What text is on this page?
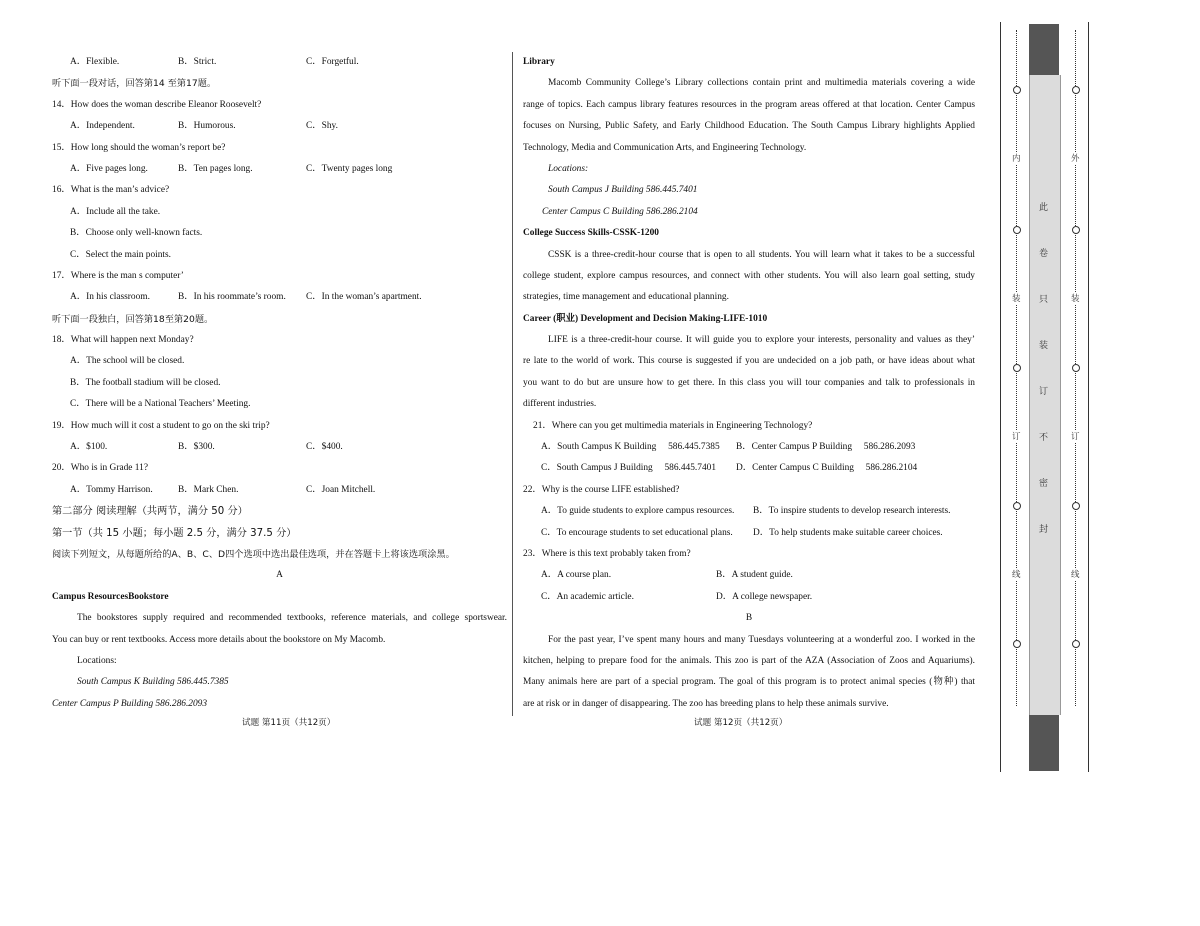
A．Flexible.	B．Strict.	C．Forgetful.
听下面一段对话，回答第14 至第17题。
14．How does the woman describe Eleanor Roosevelt?
A．Independent.	B．Humorous.	C．Shy.
15．How long should the woman’s report be?
A．Five pages long.	B．Ten pages long.	C．Twenty pages long
16．What is the man’s advice?
A．Include all the take.
B．Choose only well-known facts.
C．Select the main points.
17．Where is the man s computer’
A．In his classroom.	B．In his roommate’s room. C．In the woman’s apartment.
听下面一段独白，回答第18至第20题。
18．What will happen next Monday?
A．The school will be closed.
B．The football stadium will be closed.
C．There will be a National Teachers’ Meeting.
19．How much will it cost a student to go on the ski trip?
A．$100.	B．$300.	C．$400.
20．Who is in Grade 11?
A．Tommy Harrison.	B．Mark Chen.	C．Joan Mitchell.
第二部分 阅读理解（共两节，满分 50 分）
第一节（共 15 小题；每小题 2.5 分，满分 37.5 分）
阅读下列短文，从每题所给的A、B、C、D四个选项中选出最佳选项，并在答题卡上将该选项涂黑。
A
Campus ResourcesBookstore
The bookstores supply required and recommended textbooks, reference materials, and college sportswear.
You can buy or rent textbooks. Access more details about the bookstore on My Macomb.
Locations:
South Campus K Building 586.445.7385
Center Campus P Building 586.286.2093
Library
Macomb Community College’s Library collections contain print and multimedia materials covering a wide
range of topics. Each campus library features resources in the program areas offered at that location. Center Campus
focuses on Nursing, Public Safety, and Early Childhood Education. The South Campus Library highlights Applied
Technology, Media and Communication Arts, and Engineering Technology.
Locations:
South Campus J Building 586.445.7401
Center Campus C Building 586.286.2104
College Success Skills-CSSK-1200
CSSK is a three-credit-hour course that is open to all students. You will learn what it takes to be a successful
college student, explore campus resources, and connect with other students. You will also learn goal setting, study
strategies, time management and educational planning.
Career (职业) Development and Decision Making-LIFE-1010
LIFE is a three-credit-hour course. It will guide you to explore your interests, personality and values as they’
re late to the world of work. This course is suggested if you are undecided on a job path, or have ideas about what
you want to do but are unsure how to get there. In this class you will tour companies and talk to professionals in
different industries.
21．Where can you get multimedia materials in Engineering Technology?
A．South Campus K Building　 586.445.7385 B．Center Campus P Building　 586.286.2093
C．South Campus J Building　 586.445.7401 D．Center Campus C Building　 586.286.2104
22．Why is the course LIFE established?
A．To guide students to explore campus resources. B．To inspire students to develop research interests.
C．To encourage students to set educational plans. D．To help students make suitable career choices.
23．Where is this text probably taken from?
A．A course plan.	B．A student guide.
C．An academic article.	D．A college newspaper.
B
For the past year, I’ve spent many hours and many Tuesdays volunteering at a wonderful zoo. I worked in the
kitchen, helping to prepare food for the animals. This zoo is part of the AZA (Association of Zoos and Aquariums).
Many animals here are part of a special program. The goal of this program is to protect animal species (物种) that
are at risk or in danger of disappearing. The zoo has breeding plans to help these animals survive.
试题 第11页（共12页）	试题 第12页（共12页）
内
装
订
线
外
装
订
线
此
卷
只
装
订
不
密
封
